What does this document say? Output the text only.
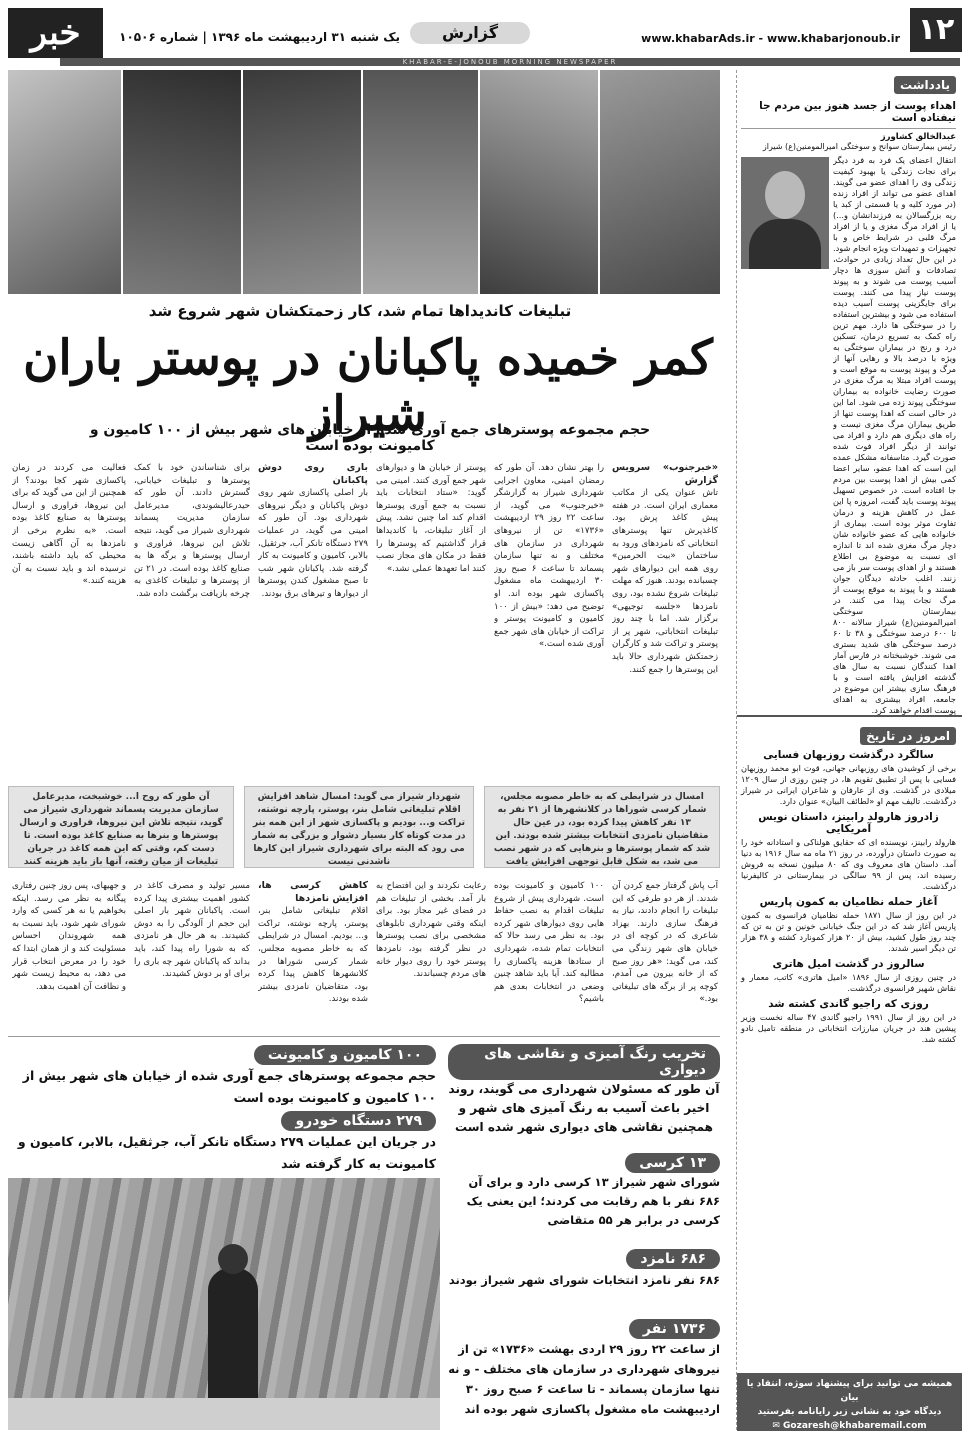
۱۲
www.khabarAds.ir - www.khabarjonoub.ir
گزارش
یک شنبه ۳۱ اردیبهشت ماه ۱۳۹۶ | شماره ۱۰۵۰۶
خبر
KHABAR-E-JONOUB MORNING NEWSPAPER
یادداشت
اهداء پوست از جسد هنوز بین مردم جا نیفتاده است
عبدالخالق کشاورز
رئیس بیمارستان سوانح و سوختگی امیرالمومنین(ع) شیراز
انتقال اعضای یک فرد به فرد دیگر برای نجات زندگی یا بهبود کیفیت زندگی وی را اهدای عضو می گویند. اهدای عضو می تواند از افراد زنده (در مورد کلیه و یا قسمتی از کبد یا ریه بزرگسالان به فرزندانشان و...) یا از افراد مرگ مغزی و یا از افراد مرگ قلبی در شرایط خاص و با تجهیزات و تمهیدات ویژه انجام شود. در این حال تعداد زیادی در حوادث، تصادفات و آتش سوزی ها دچار آسیب پوست می شوند و به پیوند پوست نیاز پیدا می کنند. پوست برای جایگزینی پوست آسیب دیده استفاده می شود و بیشترین استفاده را در سوختگی ها دارد. مهم ترین راه کمک به تسریع درمان، تسکین درد و رنج در بیماران سوختگی به ویژه با درصد بالا و رهایی آنها از مرگ و پیوند پوست به موقع است و پوست افراد مبتلا به مرگ مغزی در صورت رضایت خانواده به بیماران سوختگی پیوند زده می شود. اما این در حالی است که اهدا پوست تنها از طریق بیماران مرگ مغزی نیست و راه های دیگری هم دارد و افراد می توانند از دیگر افراد فوت شده صورت گیرد. متاسفانه مشکل عمده این است که اهدا عضو، سایر اعضا کمی بیش از اهدا پوست بین مردم جا افتاده است. در خصوص تسهیل پیوند پوست باید گفت، امروزه پا این عمل در کاهش هزینه و درمان تفاوت موثر بوده است. بیماری از خانواده هایی که عضو خانواده شان دچار مرگ مغزی شده اند تا اندازه ای نسبت به موضوع بی اطلاع هستند و از اهدای پوست سر باز می زنند. اغلب حادثه دیدگان جوان هستند و با پیوند به موقع پوست از مرگ نجات پیدا می کنند. در بیمارستان سوختگی امیرالمومنین(ع) شیراز سالانه ۸۰۰ تا ۶۰۰ درصد سوختگی و ۳۸ تا ۶۰ درصد سوختگی های شدید بستری می شوند. خوشبختانه در فارس آمار اهدا کنندگان نسبت به سال های گذشته افزایش یافته است و با فرهنگ سازی بیشتر این موضوع در جامعه، افراد بیشتری به اهدای پوست اقدام خواهند کرد.
امروز در تاریخ
سالگرد درگذشت روزبهان فسایی
برخی از کوشیدن های روزبهانی جهانی، قوت ابو محمد روزبهان فسایی با پس از تطبیق تقویم ها، در چنین روزی از سال ۱۲۰۹ میلادی در گذشت. وی از عارفان و شاعران ایرانی در شیراز درگذشت. تالیف مهم او «لطائف البیان» عنوان دارد.
زادروز هارولد رابینز، داستان نویس آمریکایی
هارولد رابینز، نویسنده ای که حقایق هولناکی و استادانه خود را به صورت داستان درآورده، در روز ۲۱ ماه مه سال ۱۹۱۶ به دنیا آمد. داستان های معروف وی که ۸۰ میلیون نسخه به فروش رسیده اند، پس از ۹۹ سالگی در بیمارستانی در کالیفرنیا درگذشت.
آغاز حمله نظامیان به کمون پاریس
در این روز از سال ۱۸۷۱ حمله نظامیان فرانسوی به کمون پاریس آغاز شد که در این جنگ خیابانی خونین و تن به تن که چند روز طول کشید، بیش از ۲۰ هزار کمونارد کشته و ۳۸ هزار تن دیگر اسیر شدند.
سالروز در گذشت امیل هاتری
در چنین روزی از سال ۱۸۹۶ «امیل هاتری» کاتب، معمار و نقاش شهیر فرانسوی درگذشت.
روزی که راجیو گاندی کشته شد
در این روز از سال ۱۹۹۱ راجیو گاندی ۴۷ ساله نخست وزیر پیشین هند در جریان مبارزات انتخاباتی در منطقه تامیل نادو کشته شد.
همیشه می توانید برای پیشنهاد سوژه، انتقاد یا بیان
دیدگاه خود به نشانی زیر رایانامه بفرستید
✉ Gozaresh@khabaremail.com
تبلیغات کاندیداها تمام شد، کار زحمتکشان شهر شروع شد
کمر خمیده پاکبانان در پوستر باران شیراز
حجم مجموعه پوسترهای جمع آوری شده از خیابان های شهر بیش از ۱۰۰ کامیون و کامیونت بوده است
«خبرجنوب» سرویس گزارش
تاش عنوان یکی از مکاتب معماری ایران است. در هفته پیش کاغذ پرش بود. کاغذپرش تنها پوسترهای انتخاباتی که نامزدهای ورود به ساختمان «بیت الحرمین» روی همه این دیوارهای شهر چسبانده بودند. هنوز که مهلت تبلیغات شروع نشده بود، روی نامزدها «جلسه توجیهی» برگزار شد. اما با چند روز تبلیغات انتخاباتی، شهر پر از پوستر و تراکت شد و کارگران زحمتکش شهرداری حالا باید این پوسترها را جمع کنند.
را بهتر نشان دهد. آن طور که رمضان امینی، معاون اجرایی شهرداری شیراز به گزارشگر «خبرجنوب» می گوید، از ساعت ۲۲ روز ۲۹ اردیبهشت «۱۷۳۶» تن از نیروهای شهرداری در سازمان های مختلف و نه تنها سازمان پسماند تا ساعت ۶ صبح روز ۳۰ اردیبهشت ماه مشغول پاکسازی شهر بوده اند. او توضیح می دهد: «بیش از ۱۰۰ کامیون و کامیونت پوستر و تراکت از خیابان های شهر جمع آوری شده است.»
پوستر از خیابان ها و دیوارهای شهر جمع آوری کنند. امینی می گوید: «ستاد انتخابات باید نسبت به جمع آوری پوسترها اقدام کند اما چنین نشد. پیش از آغاز تبلیغات، با کاندیداها قرار گذاشتیم که پوسترها را فقط در مکان های مجاز نصب کنند اما تعهدها عملی نشد.»
باری روی دوش پاکبانان
بار اصلی پاکسازی شهر روی دوش پاکبانان و دیگر نیروهای شهرداری بود. آن طور که امینی می گوید، در عملیات ۲۷۹ دستگاه تانکر آب، جرثقیل، بالابر، کامیون و کامیونت به کار گرفته شد. پاکبانان شهر شب تا صبح مشغول کندن پوسترها از دیوارها و تیرهای برق بودند.
برای شناساندن خود با کمک پوسترها و تبلیغات خیابانی، گسترش دادند. آن طور که حیدرعالیشوندی، مدیرعامل سازمان مدیریت پسماند شهرداری شیراز می گوید، نتیجه تلاش این نیروها، فراوری و ارسال پوسترها و برگه ها به صنایع کاغذ بوده است. در ۲۱ تن از پوسترها و تبلیغات کاغذی به چرخه بازیافت برگشت داده شد.
فعالیت می کردند در زمان پاکسازی شهر کجا بودند؟ از همچنین از این می گوید که برای این نیروها، فراوری و ارسال پوسترها به صنایع کاغذ بوده است. «به نظرم برخی از نامزدها به آن آگاهی زیست محیطی که باید داشته باشند، نرسیده اند و باید نسبت به آن هزینه کنند.»
امسال در شرایطی که به خاطر مصوبه مجلس، شمار کرسی شوراها در کلانشهرها از ۲۱ نفر به ۱۳ نفر کاهش پیدا کرده بود، در عین حال متقاضیان نامزدی انتخابات بیشتر شده بودند. این شد که شمار پوسترها و بنرهایی که در شهر نصب می شد، به شکل قابل توجهی افزایش یافت
شهردار شیراز می گوید: امسال شاهد افزایش اقلام تبلیغاتی شامل بنر، پوستر، پارچه نوشته، تراکت و... بودیم و پاکسازی شهر از این همه بنر در مدت کوتاه کار بسیار دشوار و بزرگی به شمار می رود که البته برای شهرداری شیراز این کارها ناشدنی نیست
آن طور که روح ا... خوشبخت، مدیرعامل سازمان مدیریت پسماند شهرداری شیراز می گوید، نتیجه تلاش این نیروها، فراوری و ارسال پوسترها و بنرها به صنایع کاغذ بوده است. تا دست کم، وقتی که این همه کاغذ در جریان تبلیغات از میان رفته، آنها باز باید هزینه کنند
آب پاش گرفتار جمع کردن آن شدند. از هر دو طرفی که این تبلیغات را انجام دادند، نیاز به فرهنگ سازی دارند. بهزاد شاعری که در کوچه ای در خیابان های شهر زندگی می کند، می گوید: «هر روز صبح که از خانه بیرون می آمدم، کوچه پر از برگه های تبلیغاتی بود.»
۱۰۰ کامیون و کامیونت بوده است. شهرداری پیش از شروع تبلیغات اقدام به نصب حفاظ هایی روی دیوارهای شهر کرده بود. به نظر می رسد حالا که انتخابات تمام شده، شهرداری از ستادها هزینه پاکسازی را مطالبه کند. آیا باید شاهد چنین وضعی در انتخابات بعدی هم باشیم؟
رعایت نکردند و این افتضاح به بار آمد. بخشی از تبلیغات هم در فضای غیر مجاز بود. برای اینکه وقتی شهرداری تابلوهای مشخصی برای نصب پوسترها در نظر گرفته بود، نامزدها پوستر خود را روی دیوار خانه های مردم چسباندند.
کاهش کرسی ها، افزایش نامزدها
اقلام تبلیغاتی شامل بنر، پوستر، پارچه نوشته، تراکت و... بودیم. امسال در شرایطی که به خاطر مصوبه مجلس، شمار کرسی شوراها در کلانشهرها کاهش پیدا کرده بود، متقاضیان نامزدی بیشتر شده بودند.
مسیر تولید و مصرف کاغذ در کشور اهمیت بیشتری پیدا کرده است. پاکبانان شهر بار اصلی این حجم از آلودگی را به دوش کشیدند. به هر حال هر نامزدی که به شورا راه پیدا کند، باید بداند که پاکبانان شهر چه باری را برای او بر دوش کشیدند.
و جهیهای، پس روز چنین رفتاری پیگانه به نظر می رسد. اینکه بخواهیم یا نه هر کسی که وارد شورای شهر شود، باید نسبت به همه شهروندان احساس مسئولیت کند و از همان ابتدا که خود را در معرض انتخاب قرار می دهد، به محیط زیست شهر و نظافت آن اهمیت بدهد.
تخریب رنگ آمیزی و نقاشی های دیواری
آن طور که مسئولان شهرداری می گویند، روند اخیر باعث آسیب به رنگ آمیزی های شهر و همچنین نقاشی های دیواری شهر شده است
۱۰۰ کامیون و کامیونت
حجم مجموعه پوسترهای جمع آوری شده از خیابان های شهر بیش از ۱۰۰ کامیون و کامیونت بوده است
۲۷۹ دستگاه خودرو
در جریان این عملیات ۲۷۹ دستگاه تانکر آب، جرثقیل، بالابر، کامیون و کامیونت به کار گرفته شد	۱۳ کرسی
شورای شهر شیراز ۱۳ کرسی دارد و برای آن ۶۸۶ نفر با هم رقابت می کردند؛ این یعنی یک کرسی در برابر هر ۵۵ متقاضی
۶۸۶ نامزد
۶۸۶ نفر نامزد انتخابات شورای شهر شیراز بودند
۱۷۳۶ نفر
از ساعت ۲۲ روز ۲۹ اردی بهشت «۱۷۳۶» تن از نیروهای شهرداری در سازمان های مختلف - و نه تنها سازمان پسماند - تا ساعت ۶ صبح روز ۳۰ اردیبهشت ماه مشغول پاکسازی شهر بوده اند
